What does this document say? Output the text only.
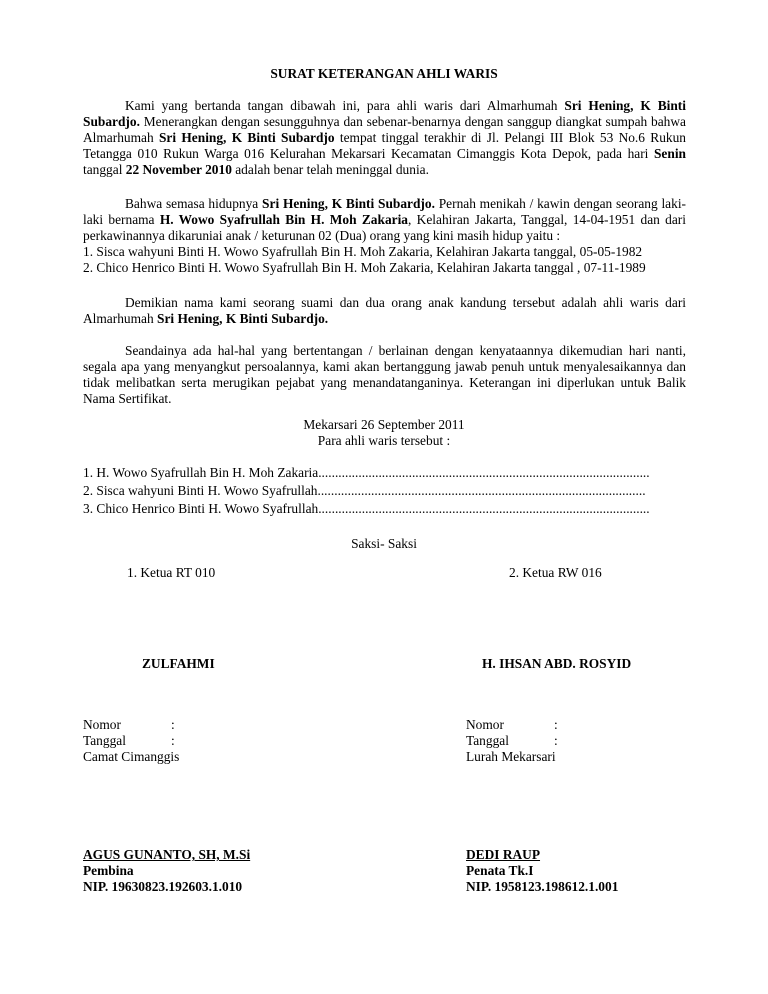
SURAT KETERANGAN AHLI WARIS
Kami yang bertanda tangan dibawah ini, para ahli waris dari Almarhumah Sri Hening, K Binti Subardjo. Menerangkan dengan sesungguhnya dan sebenar-benarnya dengan sanggup diangkat sumpah bahwa Almarhumah Sri Hening, K Binti Subardjo tempat tinggal terakhir di Jl. Pelangi III Blok 53 No.6 Rukun Tetangga 010 Rukun Warga 016 Kelurahan Mekarsari Kecamatan Cimanggis Kota Depok, pada hari Senin tanggal 22 November 2010 adalah benar telah meninggal dunia.
Bahwa semasa hidupnya Sri Hening, K Binti Subardjo. Pernah menikah / kawin dengan seorang laki-laki bernama H. Wowo Syafrullah Bin H. Moh Zakaria, Kelahiran Jakarta, Tanggal, 14-04-1951 dan dari perkawinannya dikaruniai anak / keturunan 02 (Dua) orang yang kini masih hidup yaitu :
1. Sisca wahyuni Binti H. Wowo Syafrullah Bin H. Moh Zakaria, Kelahiran Jakarta tanggal, 05-05-1982
2. Chico Henrico Binti H. Wowo Syafrullah Bin H. Moh Zakaria, Kelahiran Jakarta tanggal , 07-11-1989
Demikian nama kami seorang suami dan dua orang anak kandung tersebut adalah ahli waris dari Almarhumah Sri Hening, K Binti Subardjo.
Seandainya ada hal-hal yang bertentangan / berlainan dengan kenyataannya dikemudian hari nanti, segala apa yang menyangkut persoalannya, kami akan bertanggung jawab penuh untuk menyalesaikannya dan tidak melibatkan serta merugikan pejabat yang menandatanganinya. Keterangan ini diperlukan untuk Balik Nama Sertifikat.
Mekarsari 26 September 2011
Para ahli waris tersebut :
1. H. Wowo Syafrullah Bin H. Moh Zakaria...................................................................................................
2. Sisca wahyuni Binti H. Wowo Syafrullah..................................................................................................
3. Chico Henrico Binti H. Wowo Syafrullah...................................................................................................
Saksi- Saksi
1. Ketua RT 010	2. Ketua RW 016
ZULFAHMI	H. IHSAN ABD. ROSYID
Nomor	:
Tanggal	:
Camat Cimanggis
Nomor	:
Tanggal	:
Lurah Mekarsari
AGUS GUNANTO, SH, M.Si
Pembina
NIP. 19630823.192603.1.010
DEDI RAUP
Penata Tk.I
NIP. 1958123.198612.1.001
